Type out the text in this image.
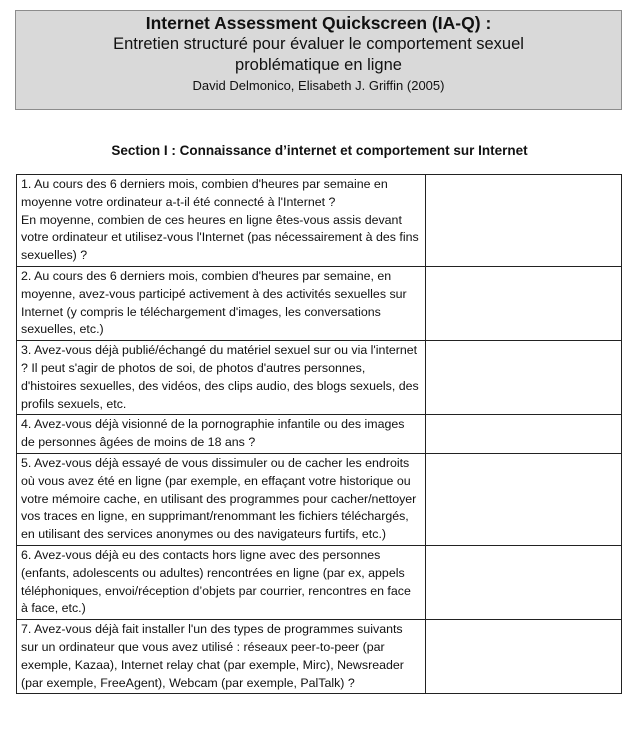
Internet Assessment Quickscreen (IA-Q) :
Entretien structuré pour évaluer le comportement sexuel problématique en ligne
David Delmonico, Elisabeth J. Griffin (2005)
Section I : Connaissance d’internet et comportement sur Internet
1. Au cours des 6 derniers mois, combien d'heures par semaine en moyenne votre ordinateur a-t-il été connecté à l'Internet ?
En moyenne, combien de ces heures en ligne êtes-vous assis devant votre ordinateur et utilisez-vous l'Internet (pas nécessairement à des fins sexuelles) ?	
2. Au cours des 6 derniers mois, combien d'heures par semaine, en moyenne, avez-vous participé activement à des activités sexuelles sur Internet (y compris le téléchargement d'images, les conversations sexuelles, etc.)	
3. Avez-vous déjà publié/échangé du matériel sexuel sur ou via l'internet ? Il peut s'agir de photos de soi, de photos d'autres personnes, d'histoires sexuelles, des vidéos, des clips audio, des blogs sexuels, des profils sexuels, etc.	
4. Avez-vous déjà visionné de la pornographie infantile ou des images de personnes âgées de moins de 18 ans ?	
5. Avez-vous déjà essayé de vous dissimuler ou de cacher les endroits où vous avez été en ligne (par exemple, en effaçant votre historique ou votre mémoire cache, en utilisant des programmes pour cacher/nettoyer vos traces en ligne, en supprimant/renommant les fichiers téléchargés, en utilisant des services anonymes ou des navigateurs furtifs, etc.)	
6. Avez-vous déjà eu des contacts hors ligne avec des personnes (enfants, adolescents ou adultes) rencontrées en ligne (par ex, appels téléphoniques, envoi/réception d’objets par courrier, rencontres en face à face, etc.)	
7. Avez-vous déjà fait installer l'un des types de programmes suivants sur un ordinateur que vous avez utilisé : réseaux peer-to-peer (par exemple, Kazaa), Internet relay chat (par exemple, Mirc), Newsreader (par exemple, FreeAgent), Webcam (par exemple, PalTalk) ?	
